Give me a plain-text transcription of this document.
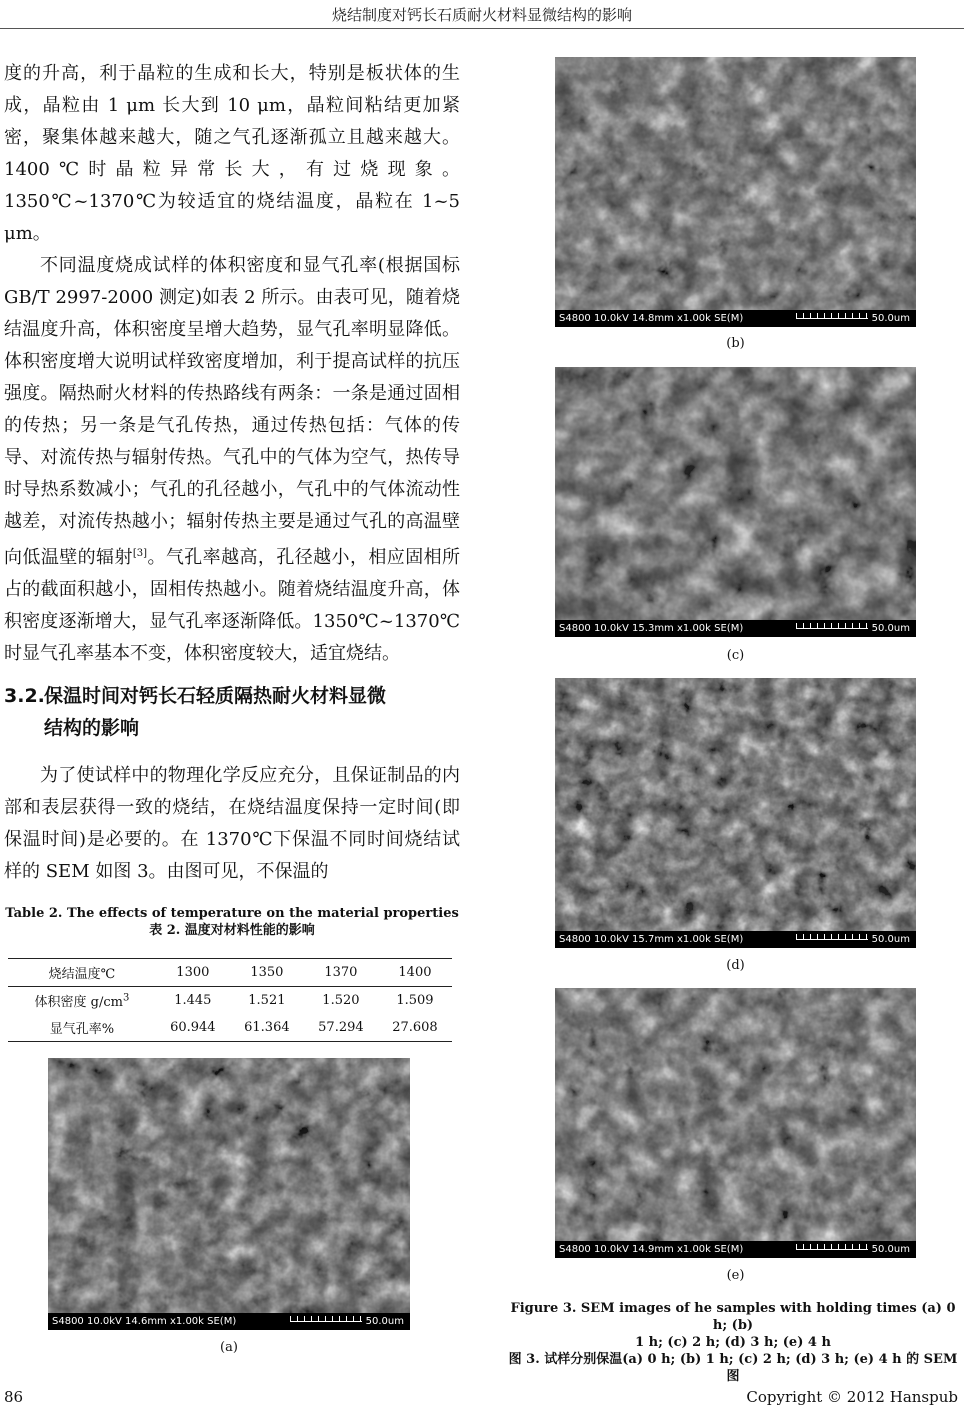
烧结制度对钙长石质耐火材料显微结构的影响

度的升高，利于晶粒的生成和长大，特别是板状体的生成，晶粒由 1 μm 长大到 10 μm，晶粒间粘结更加紧密，聚集体越来越大，随之气孔逐渐孤立且越来越大。1400℃时晶粒异常长大，有过烧现象。1350℃~1370℃为较适宜的烧结温度，晶粒在 1~5 μm。

不同温度烧成试样的体积密度和显气孔率(根据国标 GB/T 2997-2000 测定)如表 2 所示。由表可见，随着烧结温度升高，体积密度呈增大趋势，显气孔率明显降低。体积密度增大说明试样致密度增加，利于提高试样的抗压强度。隔热耐火材料的传热路线有两条：一条是通过固相的传热；另一条是气孔传热，通过传热包括：气体的传导、对流传热与辐射传热。气孔中的气体为空气，热传导时导热系数减小；气孔的孔径越小，气孔中的气体流动性越差，对流传热越小；辐射传热主要是通过气孔的高温壁向低温壁的辐射[3]。气孔率越高，孔径越小，相应固相所占的截面积越小，固相传热越小。随着烧结温度升高，体积密度逐渐增大，显气孔率逐渐降低。1350℃~1370℃时显气孔率基本不变，体积密度较大，适宜烧结。

3.2.保温时间对钙长石轻质隔热耐火材料显微
结构的影响

为了使试样中的物理化学反应充分，且保证制品的内部和表层获得一致的烧结，在烧结温度保持一定时间(即保温时间)是必要的。在 1370℃下保温不同时间烧结试样的 SEM 如图 3。由图可见，不保温的

Table 2. The effects of temperature on the material properties
表 2. 温度对材料性能的影响
烧结温度℃	1300	1350	1370	1400
体积密度 $g/cm^3$	1.445	1.521	1.520	1.509
显气孔率%	60.944	61.364	57.294	27.608
S4800 10.0kV 14.6mm x1.00k SE(M)	50.0um
(a)
S4800 10.0kV 14.8mm x1.00k SE(M)	50.0um
(b)
S4800 10.0kV 15.3mm x1.00k SE(M)	50.0um
(c)
S4800 10.0kV 15.7mm x1.00k SE(M)	50.0um
(d)
S4800 10.0kV 14.9mm x1.00k SE(M)	50.0um
(e)
Figure 3. SEM images of he samples with holding times (a) 0 h; (b)
1 h; (c) 2 h; (d) 3 h; (e) 4 h
图 3. 试样分别保温(a) 0 h; (b) 1 h; (c) 2 h; (d) 3 h; (e) 4 h 的 SEM 图
86	Copyright © 2012 Hanspub
